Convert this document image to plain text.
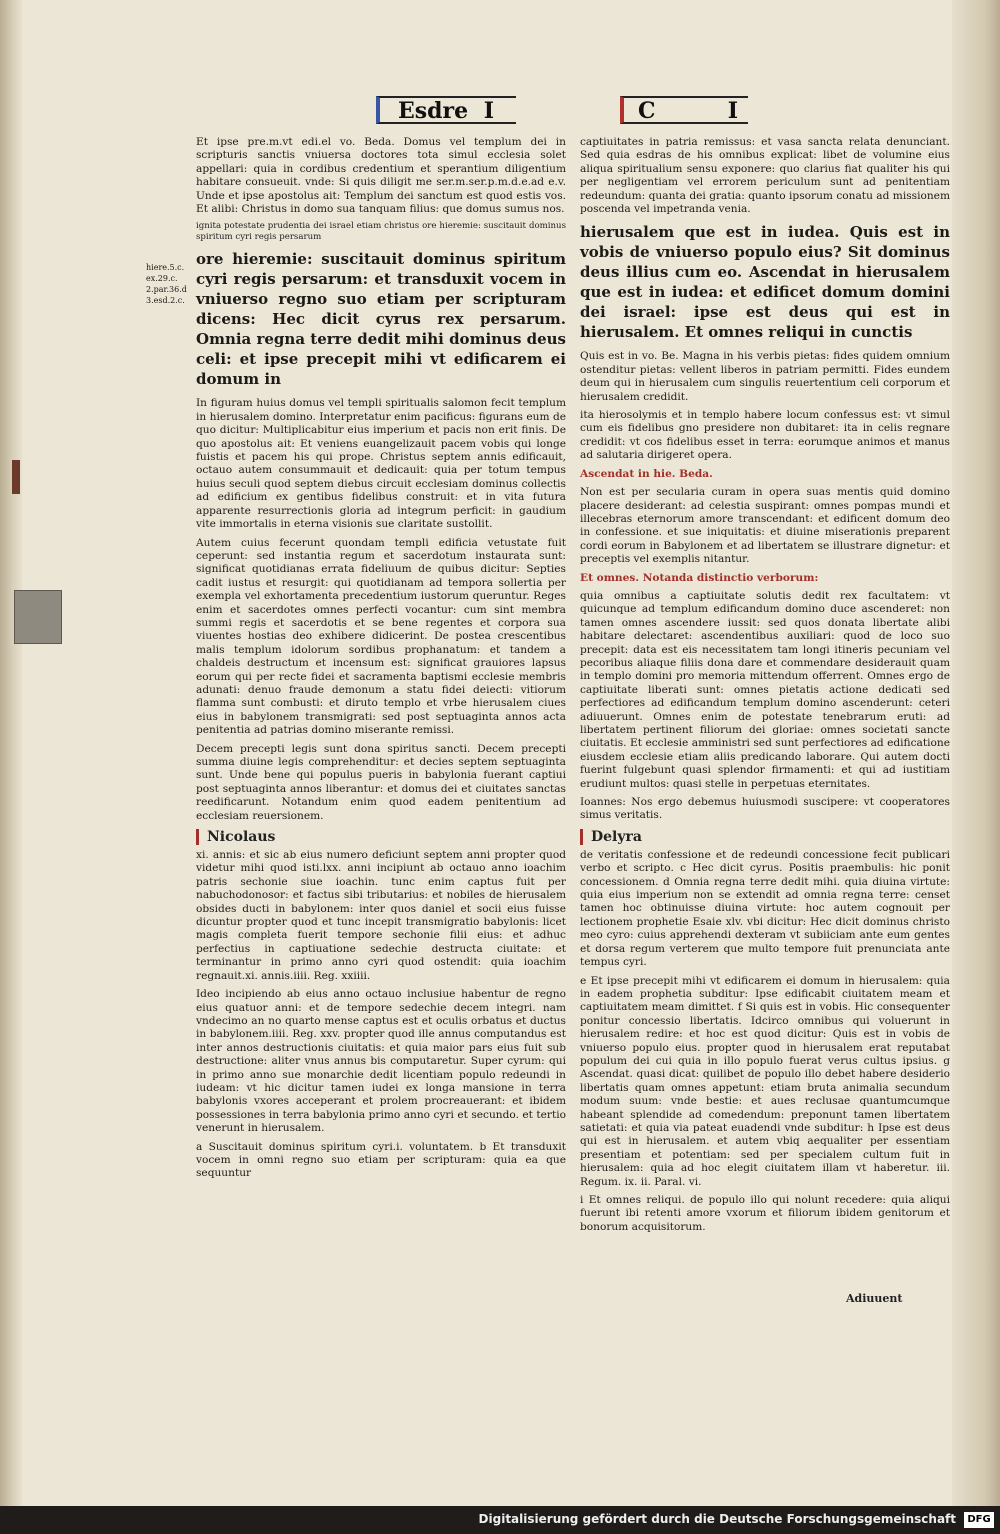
Esdre I	C	I
hiere.5.c. ex.29.c. 2.par.36.d 3.esd.2.c.

Et ipse pre.m.vt edi.el vo. Beda. Domus vel templum dei in scripturis sanctis vniuersa doctores tota simul ecclesia solet appellari: quia in cordibus credentium et sperantium diligentium habitare consueuit. vnde: Si quis diligit me ser.m.ser.p.m.d.e.ad e.v. Unde et ipse apostolus ait: Templum dei sanctum est quod estis vos. Et alibi: Christus in domo sua tanquam filius: que domus sumus nos.

ignita potestate prudentia dei israel etiam christus ore hieremie: suscitauit dominus spiritum cyri regis persarum

ore hieremie: suscitauit dominus spiritum cyri regis persarum: et transduxit vocem in vniuerso regno suo etiam per scripturam dicens: Hec dicit cyrus rex persarum. Omnia regna terre dedit mihi dominus deus celi: et ipse precepit mihi vt edificarem ei domum in

In figuram huius domus vel templi spiritualis salomon fecit templum in hierusalem domino. Interpretatur enim pacificus: figurans eum de quo dicitur: Multiplicabitur eius imperium et pacis non erit finis. De quo apostolus ait: Et veniens euangelizauit pacem vobis qui longe fuistis et pacem his qui prope. Christus septem annis edificauit, octauo autem consummauit et dedicauit: quia per totum tempus huius seculi quod septem diebus circuit ecclesiam dominus collectis ad edificium ex gentibus fidelibus construit: et in vita futura apparente resurrectionis gloria ad integrum perficit: in gaudium vite immortalis in eterna visionis sue claritate sustollit.

Autem cuius fecerunt quondam templi edificia vetustate fuit ceperunt: sed instantia regum et sacerdotum instaurata sunt: significat quotidianas errata fideliuum de quibus dicitur: Septies cadit iustus et resurgit: qui quotidianam ad tempora sollertia per exempla vel exhortamenta precedentium iustorum queruntur. Reges enim et sacerdotes omnes perfecti vocantur: cum sint membra summi regis et sacerdotis et se bene regentes et corpora sua viuentes hostias deo exhibere didicerint. De postea crescentibus malis templum idolorum sordibus prophanatum: et tandem a chaldeis destructum et incensum est: significat grauiores lapsus eorum qui per recte fidei et sacramenta baptismi ecclesie membris adunati: denuo fraude demonum a statu fidei deiecti: vitiorum flamma sunt combusti: et diruto templo et vrbe hierusalem ciues eius in babylonem transmigrati: sed post septuaginta annos acta penitentia ad patrias domino miserante remissi.

Decem precepti legis sunt dona spiritus sancti. Decem precepti summa diuine legis comprehenditur: et decies septem septuaginta sunt. Unde bene qui populus pueris in babylonia fuerant captiui post septuaginta annos liberantur: et domus dei et ciuitates sanctas reedificarunt. Notandum enim quod eadem penitentium ad ecclesiam reuersionem.

Nicolaus

xi. annis: et sic ab eius numero deficiunt septem anni propter quod videtur mihi quod isti.lxx. anni incipiunt ab octauo anno ioachim patris sechonie siue ioachin. tunc enim captus fuit per nabuchodonosor: et factus sibi tributarius: et nobiles de hierusalem obsides ducti in babylonem: inter quos daniel et socii eius fuisse dicuntur propter quod et tunc incepit transmigratio babylonis: licet magis completa fuerit tempore sechonie filii eius: et adhuc perfectius in captiuatione sedechie destructa ciuitate: et terminantur in primo anno cyri quod ostendit: quia ioachim regnauit.xi. annis.iiii. Reg. xxiiii.

Ideo incipiendo ab eius anno octauo inclusiue habentur de regno eius quatuor anni: et de tempore sedechie decem integri. nam vndecimo an no quarto mense captus est et oculis orbatus et ductus in babylonem.iiii. Reg. xxv. propter quod ille annus computandus est inter annos destructionis ciuitatis: et quia maior pars eius fuit sub destructione: aliter vnus annus bis computaretur. Super cyrum: qui in primo anno sue monarchie dedit licentiam populo redeundi in iudeam: vt hic dicitur tamen iudei ex longa mansione in terra babylonis vxores acceperant et prolem procreauerant: et ibidem possessiones in terra babylonia primo anno cyri et secundo. et tertio venerunt in hierusalem.

a Suscitauit dominus spiritum cyri.i. voluntatem. b Et transduxit vocem in omni regno suo etiam per scripturam: quia ea que sequuntur

captiuitates in patria remissus: et vasa sancta relata denunciant. Sed quia esdras de his omnibus explicat: libet de volumine eius aliqua spiritualium sensu exponere: quo clarius fiat qualiter his qui per negligentiam vel errorem periculum sunt ad penitentiam redeundum: quanta dei gratia: quanto ipsorum conatu ad missionem poscenda vel impetranda venia.

hierusalem que est in iudea. Quis est in vobis de vniuerso populo eius? Sit dominus deus illius cum eo. Ascendat in hierusalem que est in iudea: et edificet domum domini dei israel: ipse est deus qui est in hierusalem. Et omnes reliqui in cunctis

Quis est in vo. Be. Magna in his verbis pietas: fides quidem omnium ostenditur pietas: vellent liberos in patriam permitti. Fides eundem deum qui in hierusalem cum singulis reuertentium celi corporum et hierusalem credidit.

ita hierosolymis et in templo habere locum confessus est: vt simul cum eis fidelibus gno presidere non dubitaret: ita in celis regnare credidit: vt cos fidelibus esset in terra: eorumque animos et manus ad salutaria dirigeret opera.

Ascendat in hie. Beda.

Non est per secularia curam in opera suas mentis quid domino placere desiderant: ad celestia suspirant: omnes pompas mundi et illecebras eternorum amore transcendant: et edificent domum deo in confessione. et sue iniquitatis: et diuine miserationis preparent cordi eorum in Babylonem et ad libertatem se illustrare dignetur: et preceptis vel exemplis nitantur.

Et omnes. Notanda distinctio verborum:

quia omnibus a captiuitate solutis dedit rex facultatem: vt quicunque ad templum edificandum domino duce ascenderet: non tamen omnes ascendere iussit: sed quos donata libertate alibi habitare delectaret: ascendentibus auxiliari: quod de loco suo precepit: data est eis necessitatem tam longi itineris pecuniam vel pecoribus aliaque filiis dona dare et commendare desiderauit quam in templo domini pro memoria mittendum offerrent. Omnes ergo de captiuitate liberati sunt: omnes pietatis actione dedicati sed perfectiores ad edificandum templum domino ascenderunt: ceteri adiuuerunt. Omnes enim de potestate tenebrarum eruti: ad libertatem pertinent filiorum dei gloriae: omnes societati sancte ciuitatis. Et ecclesie amministri sed sunt perfectiores ad edificatione eiusdem ecclesie etiam aliis predicando laborare. Qui autem docti fuerint fulgebunt quasi splendor firmamenti: et qui ad iustitiam erudiunt multos: quasi stelle in perpetuas eternitates.

Ioannes: Nos ergo debemus huiusmodi suscipere: vt cooperatores simus veritatis.

Delyra

de veritatis confessione et de redeundi concessione fecit publicari verbo et scripto. c Hec dicit cyrus. Positis praembulis: hic ponit concessionem. d Omnia regna terre dedit mihi. quia diuina virtute: quia eius imperium non se extendit ad omnia regna terre: censet tamen hoc obtinuisse diuina virtute: hoc autem cognouit per lectionem prophetie Esaie xlv. vbi dicitur: Hec dicit dominus christo meo cyro: cuius apprehendi dexteram vt subiiciam ante eum gentes et dorsa regum verterem que multo tempore fuit prenunciata ante tempus cyri.

e Et ipse precepit mihi vt edificarem ei domum in hierusalem: quia in eadem prophetia subditur: Ipse edificabit ciuitatem meam et captiuitatem meam dimittet. f Si quis est in vobis. Hic consequenter ponitur concessio libertatis. Idcirco omnibus qui voluerunt in hierusalem redire: et hoc est quod dicitur: Quis est in vobis de vniuerso populo eius. propter quod in hierusalem erat reputabat populum dei cui quia in illo populo fuerat verus cultus ipsius. g Ascendat. quasi dicat: quilibet de populo illo debet habere desiderio libertatis quam omnes appetunt: etiam bruta animalia secundum modum suum: vnde bestie: et aues reclusae quantumcumque habeant splendide ad comedendum: preponunt tamen libertatem satietati: et quia via pateat euadendi vnde subditur: h Ipse est deus qui est in hierusalem. et autem vbiq aequaliter per essentiam presentiam et potentiam: sed per specialem cultum fuit in hierusalem: quia ad hoc elegit ciuitatem illam vt haberetur. iii. Regum. ix. ii. Paral. vi.

i Et omnes reliqui. de populo illo qui nolunt recedere: quia aliqui fuerunt ibi retenti amore vxorum et filiorum ibidem genitorum et bonorum acquisitorum.

Adiuuent
Digitalisierung gefördert durch die Deutsche Forschungsgemeinschaft	DFG
